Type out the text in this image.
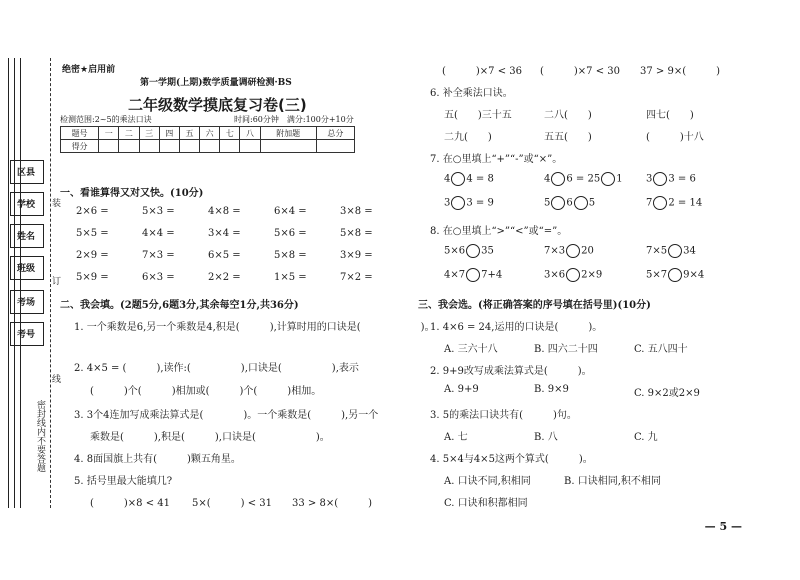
区县
学校
姓名
班级
考场
考号
装
订
线
密封线内不要答题
绝密★启用前
第一学期(上期)数学质量调研检测·BS
二年级数学摸底复习卷(三)
检测范围:2~5的乘法口诀	时间:60分钟　满分:100分+10分
题号	一	二	三	四	五	六	七	八	附加题	总分
得分										
一、看谁算得又对又快。(10分)
2×6 =	5×3 =	4×8 =	6×4 =	3×8 =
5×5 =	4×4 =	3×4 =	5×6 =	5×8 =
2×9 =	7×3 =	6×5 =	5×8 =	3×9 =
5×9 =	6×3 =	2×2 =	1×5 =	7×2 =
二、我会填。(2题5分,6题3分,其余每空1分,共36分)
1. 一个乘数是6,另一个乘数是4,积是(　　　),计算时用的口诀是(　　　　　　)。
2. 4×5 = (　　　),读作:(　　　　　),口诀是(　　　　　),表示
(　　　)个(　　　)相加或(　　　)个(　　　)相加。
3. 3个4连加写成乘法算式是(　　　　)。一个乘数是(　　　),另一个
乘数是(　　　),积是(　　　),口诀是(　　　　　　)。
4. 8面国旗上共有(　　　)颗五角星。
5. 括号里最大能填几?
(　　　)×8 < 41 5×(　　　) < 31 33 > 8×(　　　)
(　　　)×7 < 36 (　　　)×7 < 30 37 > 9×(　　　)
6. 补全乘法口诀。
五(　　)三十五	二八(　　)	四七(　　)
二九(　　)	五五(　　)	(　　　)十八
7. 在○里填上“+”“-”或“×”。
4 4 = 8	4 6 = 25 1 3 3 = 6
3 3 = 9	5 6 5	7 2 = 14
8. 在○里填上“>”“<”或“=”。
5×6 35	7×3 20	7×5 34
4×7 7+4	3×6 2×9	5×7 9×4
三、我会选。(将正确答案的序号填在括号里)(10分)
1. 4×6 = 24,运用的口诀是(　　　)。
A. 三六十八	B. 四六二十四	C. 五八四十
2. 9+9改写成乘法算式是(　　　)。
A. 9+9	B. 9×9	C. 9×2或2×9
3. 5的乘法口诀共有(　　　)句。
A. 七	B. 八	C. 九
4. 5×4与4×5这两个算式(　　　)。
A. 口诀不同,积相同	B. 口诀相同,积不相同
C. 口诀和积都相同
— 5 —
